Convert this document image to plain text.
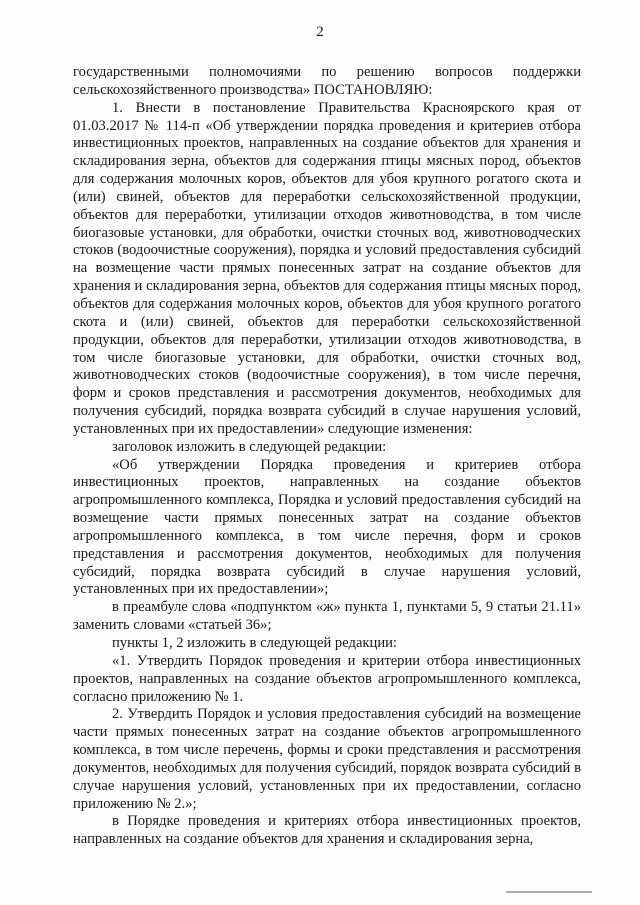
2

государственными полномочиями по решению вопросов поддержки сельскохозяйственного производства» ПОСТАНОВЛЯЮ:

1. Внести в постановление Правительства Красноярского края от 01.03.2017 № 114-п «Об утверждении порядка проведения и критериев отбора инвестиционных проектов, направленных на создание объектов для хранения и складирования зерна, объектов для содержания птицы мясных пород, объектов для содержания молочных коров, объектов для убоя крупного рогатого скота и (или) свиней, объектов для переработки сельскохозяйственной продукции, объектов для переработки, утилизации отходов животноводства, в том числе биогазовые установки, для обработки, очистки сточных вод, животноводческих стоков (водоочистные сооружения), порядка и условий предоставления субсидий на возмещение части прямых понесенных затрат на создание объектов для хранения и складирования зерна, объектов для содержания птицы мясных пород, объектов для содержания молочных коров, объектов для убоя крупного рогатого скота и (или) свиней, объектов для переработки сельскохозяйственной продукции, объектов для переработки, утилизации отходов животноводства, в том числе биогазовые установки, для обработки, очистки сточных вод, животноводческих стоков (водоочистные сооружения), в том числе перечня, форм и сроков представления и рассмотрения документов, необходимых для получения субсидий, порядка возврата субсидий в случае нарушения условий, установленных при их предоставлении» следующие изменения:

заголовок изложить в следующей редакции:

«Об утверждении Порядка проведения и критериев отбора инвестиционных проектов, направленных на создание объектов агропромышленного комплекса, Порядка и условий предоставления субсидий на возмещение части прямых понесенных затрат на создание объектов агропромышленного комплекса, в том числе перечня, форм и сроков представления и рассмотрения документов, необходимых для получения субсидий, порядка возврата субсидий в случае нарушения условий, установленных при их предоставлении»;

в преамбуле слова «подпунктом «ж» пункта 1, пунктами 5, 9 статьи 21.11» заменить словами «статьей 36»;

пункты 1, 2 изложить в следующей редакции:

«1. Утвердить Порядок проведения и критерии отбора инвестиционных проектов, направленных на создание объектов агропромышленного комплекса, согласно приложению № 1.

2. Утвердить Порядок и условия предоставления субсидий на возмещение части прямых понесенных затрат на создание объектов агропромышленного комплекса, в том числе перечень, формы и сроки представления и рассмотрения документов, необходимых для получения субсидий, порядок возврата субсидий в случае нарушения условий, установленных при их предоставлении, согласно приложению № 2.»;

в Порядке проведения и критериях отбора инвестиционных проектов, направленных на создание объектов для хранения и складирования зерна,
